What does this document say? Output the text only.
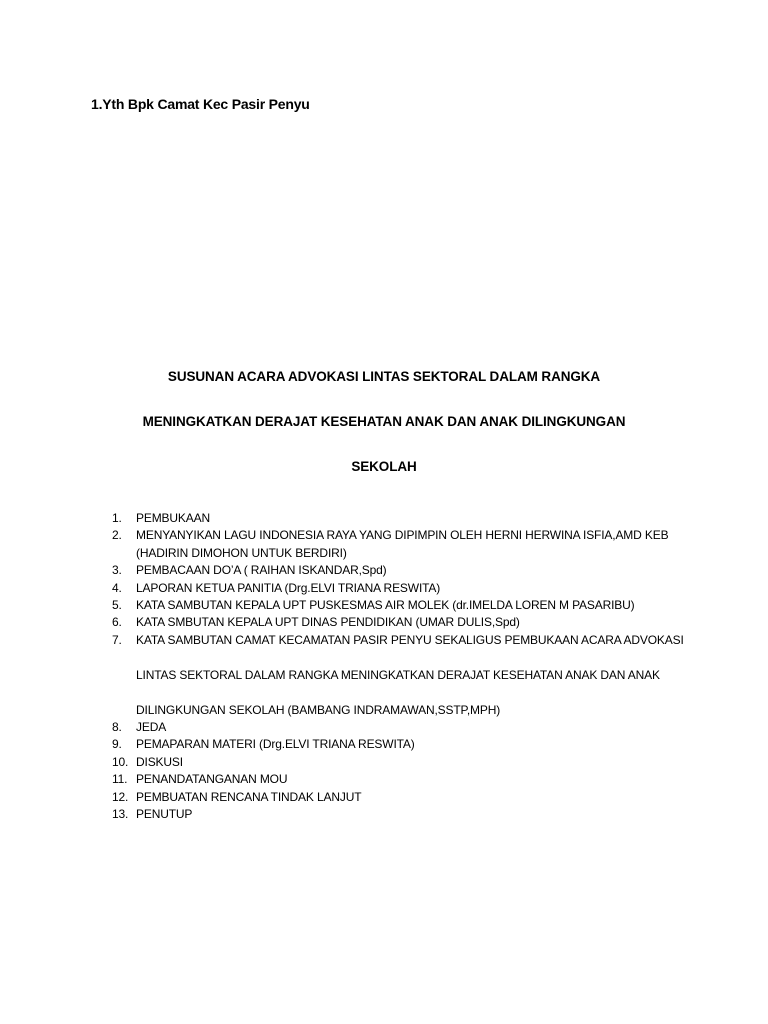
1.Yth Bpk Camat Kec Pasir Penyu
SUSUNAN ACARA ADVOKASI LINTAS SEKTORAL DALAM RANGKA
MENINGKATKAN DERAJAT KESEHATAN ANAK DAN ANAK DILINGKUNGAN
SEKOLAH
1. PEMBUKAAN
2. MENYANYIKAN LAGU INDONESIA RAYA YANG DIPIMPIN OLEH HERNI HERWINA ISFIA,AMD KEB
(HADIRIN DIMOHON UNTUK BERDIRI)
3. PEMBACAAN DO’A ( RAIHAN ISKANDAR,Spd)
4. LAPORAN KETUA PANITIA (Drg.ELVI TRIANA RESWITA)
5. KATA SAMBUTAN KEPALA UPT PUSKESMAS AIR MOLEK (dr.IMELDA LOREN M PASARIBU)
6. KATA SMBUTAN KEPALA UPT DINAS PENDIDIKAN (UMAR DULIS,Spd)
7. KATA SAMBUTAN CAMAT KECAMATAN PASIR PENYU SEKALIGUS PEMBUKAAN ACARA ADVOKASI
LINTAS SEKTORAL DALAM RANGKA MENINGKATKAN DERAJAT KESEHATAN ANAK DAN ANAK
DILINGKUNGAN SEKOLAH (BAMBANG INDRAMAWAN,SSTP,MPH)
8. JEDA
9. PEMAPARAN MATERI (Drg.ELVI TRIANA RESWITA)
10. DISKUSI
11. PENANDATANGANAN MOU
12. PEMBUATAN RENCANA TINDAK LANJUT
13. PENUTUP
